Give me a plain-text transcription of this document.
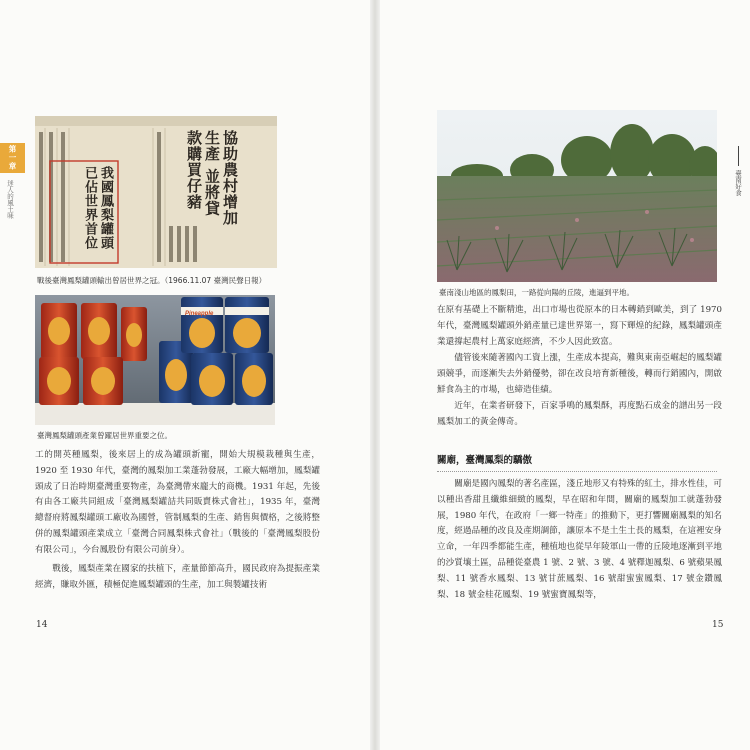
第一章
迷人的風土味	協助農村增加生產 並將貸款購買仔豬
我國鳳梨罐頭 已佔世界首位
戰後臺灣鳳梨罐頭輸出曾居世界之冠。（1966.11.07 臺灣民聲日報）
Pineapple
臺灣鳳梨罐頭產業曾躍居世界重要之位。

工的開英種鳳梨，後來居上的成為罐頭新寵，開始大規模栽種與生產，1920 至 1930 年代，臺灣的鳳梨加工業蓬勃發展，工廠大幅增加，鳳梨罐頭成了日治時期臺灣重要物產，為臺灣帶來龐大的商機。1931 年起，先後有由各工廠共同組成「臺灣鳳梨罐詰共同販賣株式會社」，1935 年，臺灣總督府將鳳梨罐頭工廠收為國營，管制鳳梨的生產、銷售與價格，之後將整併的鳳梨罐頭產業成立「臺灣合同鳳梨株式會社」（戰後的「臺灣鳳梨股份有限公司」，今台鳳股份有限公司前身）。

戰後，鳳梨產業在國家的扶植下，產量節節高升，國民政府為提振產業經濟，賺取外匯，積極促進鳳梨罐頭的生產，加工與製罐技術

14
臺南好食
臺南淺山地區的鳳梨田，一路從向陽的丘陵，進逼到平地。

在原有基礎上不斷精進，出口市場也從原本的日本轉銷到歐美，到了 1970 年代，臺灣鳳梨罐頭外銷產量已達世界第一，寫下輝煌的紀錄，鳳梨罐頭產業還撐起農村上萬家庭經濟，不少人因此致富。

儘管後來隨著國內工資上漲，生產成本提高，難與東南亞崛起的鳳梨罐頭競爭，而逐漸失去外銷優勢，卻在改良培育新種後，轉而行銷國內，開啟鮮食為主的市場，也締造佳績。

近年，在業者研發下，百家爭鳴的鳳梨酥，再度點石成金的譜出另一段鳳梨加工的黃金傳奇。

關廟，臺灣鳳梨的驕傲

關廟是國內鳳梨的著名產區，淺丘地形又有特殊的紅土，排水性佳，可以種出香甜且纖維細緻的鳳梨，早在昭和年間，關廟的鳳梨加工就蓬勃發展，1980 年代，在政府「一鄉一特產」的推動下，更打響關廟鳳梨的知名度，經過品種的改良及產期調節，讓原本不是土生土長的鳳梨，在這裡安身立命，一年四季都能生產，種植地也從早年陵軍山一帶的丘陵地逐漸到平地的沙質壤土區，品種從臺農 1 號、2 號、3 號、4 號釋迦鳳梨、6 號蘋果鳳梨、11 號香水鳳梨、13 號甘蔗鳳梨、16 號甜蜜蜜鳳梨、17 號金鑽鳳梨、18 號金桂花鳳梨、19 號蜜寶鳳梨等，

15
